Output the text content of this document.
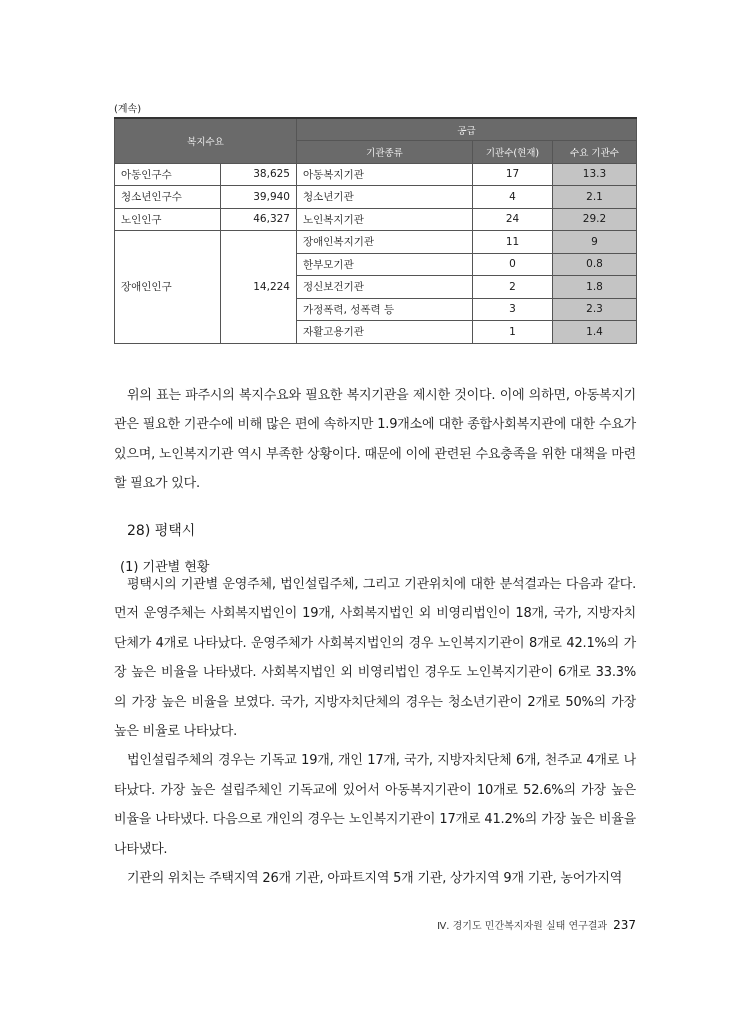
(계속)
복지수요		공급		
		기관종류	기관수(현재)	수요 기관수
아동인구수	38,625	아동복지기관	17	13.3
청소년인구수	39,940	청소년기관	4	2.1
노인인구	46,327	노인복지기관	24	29.2
장애인인구	14,224	장애인복지기관	11	9
		한부모기관	0	0.8
		정신보건기관	2	1.8
		가정폭력, 성폭력 등	3	2.3
		자활고용기관	1	1.4

위의 표는 파주시의 복지수요와 필요한 복지기관을 제시한 것이다. 이에 의하면, 아동복지기관은 필요한 기관수에 비해 많은 편에 속하지만 1.9개소에 대한 종합사회복지관에 대한 수요가 있으며, 노인복지기관 역시 부족한 상황이다. 때문에 이에 관련된 수요충족을 위한 대책을 마련할 필요가 있다.

28) 평택시
(1) 기관별 현황

평택시의 기관별 운영주체, 법인설립주체, 그리고 기관위치에 대한 분석결과는 다음과 같다. 먼저 운영주체는 사회복지법인이 19개, 사회복지법인 외 비영리법인이 18개, 국가, 지방자치단체가 4개로 나타났다. 운영주체가 사회복지법인의 경우 노인복지기관이 8개로 42.1%의 가장 높은 비율을 나타냈다. 사회복지법인 외 비영리법인 경우도 노인복지기관이 6개로 33.3%의 가장 높은 비율을 보였다. 국가, 지방자치단체의 경우는 청소년기관이 2개로 50%의 가장 높은 비율로 나타났다.

법인설립주체의 경우는 기독교 19개, 개인 17개, 국가, 지방자치단체 6개, 천주교 4개로 나타났다. 가장 높은 설립주체인 기독교에 있어서 아동복지기관이 10개로 52.6%의 가장 높은 비율을 나타냈다. 다음으로 개인의 경우는 노인복지기관이 17개로 41.2%의 가장 높은 비율을 나타냈다.

기관의 위치는 주택지역 26개 기관, 아파트지역 5개 기관, 상가지역 9개 기관, 농어가지역

Ⅳ. 경기도 민간복지자원 실태 연구결과 237
